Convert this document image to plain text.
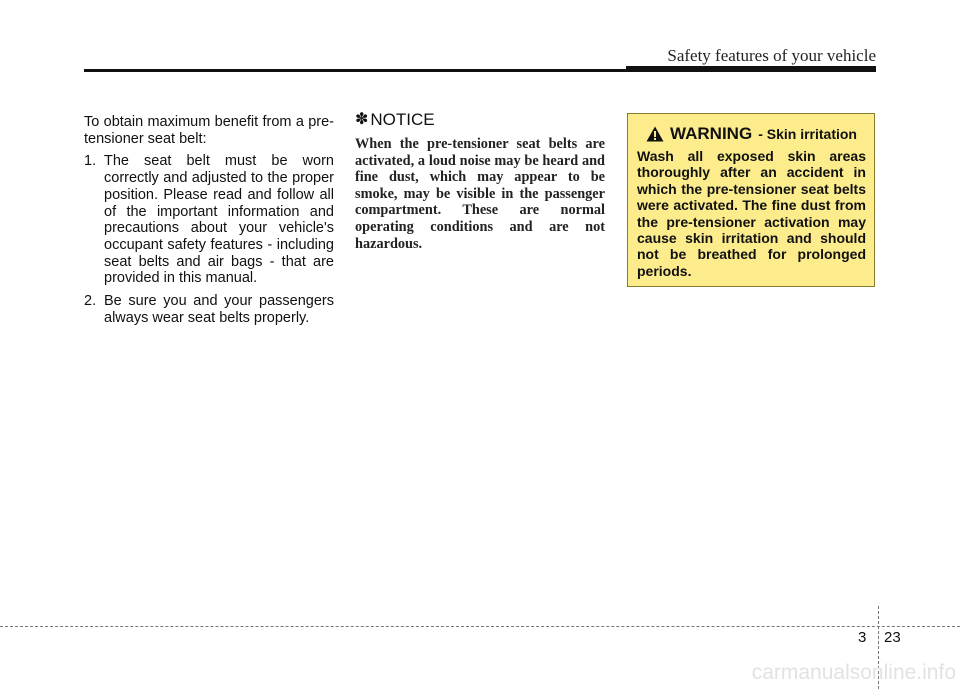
Safety features of your vehicle

To obtain maximum benefit from a pre-tensioner seat belt:

1. The seat belt must be worn correctly and adjusted to the proper position. Please read and follow all of the important information and precautions about your vehicle's occupant safety features - including seat belts and air bags - that are provided in this manual.
2. Be sure you and your passengers always wear seat belts properly.
✽ NOTICE
When the pre-tensioner seat belts are activated, a loud noise may be heard and fine dust, which may appear to be smoke, may be visible in the passenger compartment. These are normal operating conditions and are not hazardous.
WARNING - Skin irritation
Wash all exposed skin areas thoroughly after an accident in which the pre-tensioner seat belts were activated. The fine dust from the pre-tensioner activation may cause skin irritation and should not be breathed for prolonged periods.
3 23
carmanualsonline.info
